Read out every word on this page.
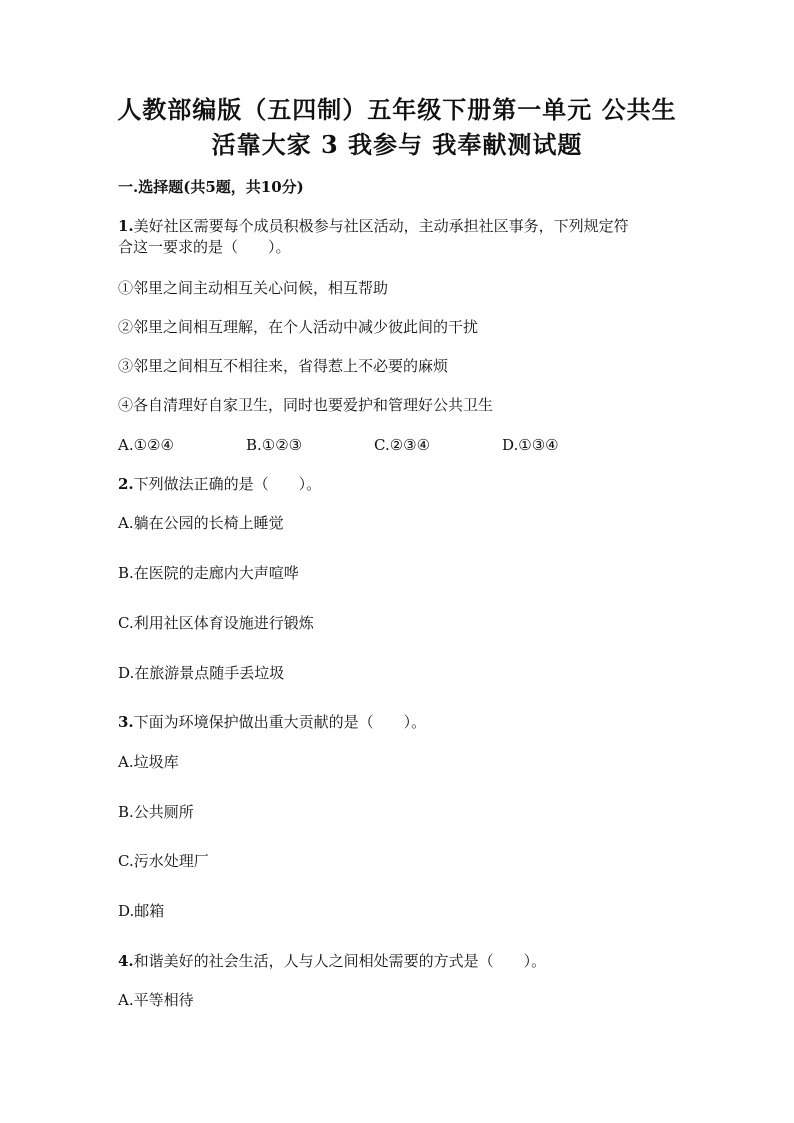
人教部编版（五四制）五年级下册第一单元 公共生
活靠大家 3 我参与 我奉献测试题
一.选择题(共5题，共10分)
1.美好社区需要每个成员积极参与社区活动，主动承担社区事务，下列规定符
合这一要求的是（　　）。
①邻里之间主动相互关心问候，相互帮助
②邻里之间相互理解，在个人活动中减少彼此间的干扰
③邻里之间相互不相往来，省得惹上不必要的麻烦
④各自清理好自家卫生，同时也要爱护和管理好公共卫生
A.①②④	B.①②③	C.②③④	D.①③④
2.下列做法正确的是（　　）。
A.躺在公园的长椅上睡觉
B.在医院的走廊内大声喧哗
C.利用社区体育设施进行锻炼
D.在旅游景点随手丢垃圾
3.下面为环境保护做出重大贡献的是（　　）。
A.垃圾库
B.公共厕所
C.污水处理厂
D.邮箱
4.和谐美好的社会生活，人与人之间相处需要的方式是（　　）。
A.平等相待
